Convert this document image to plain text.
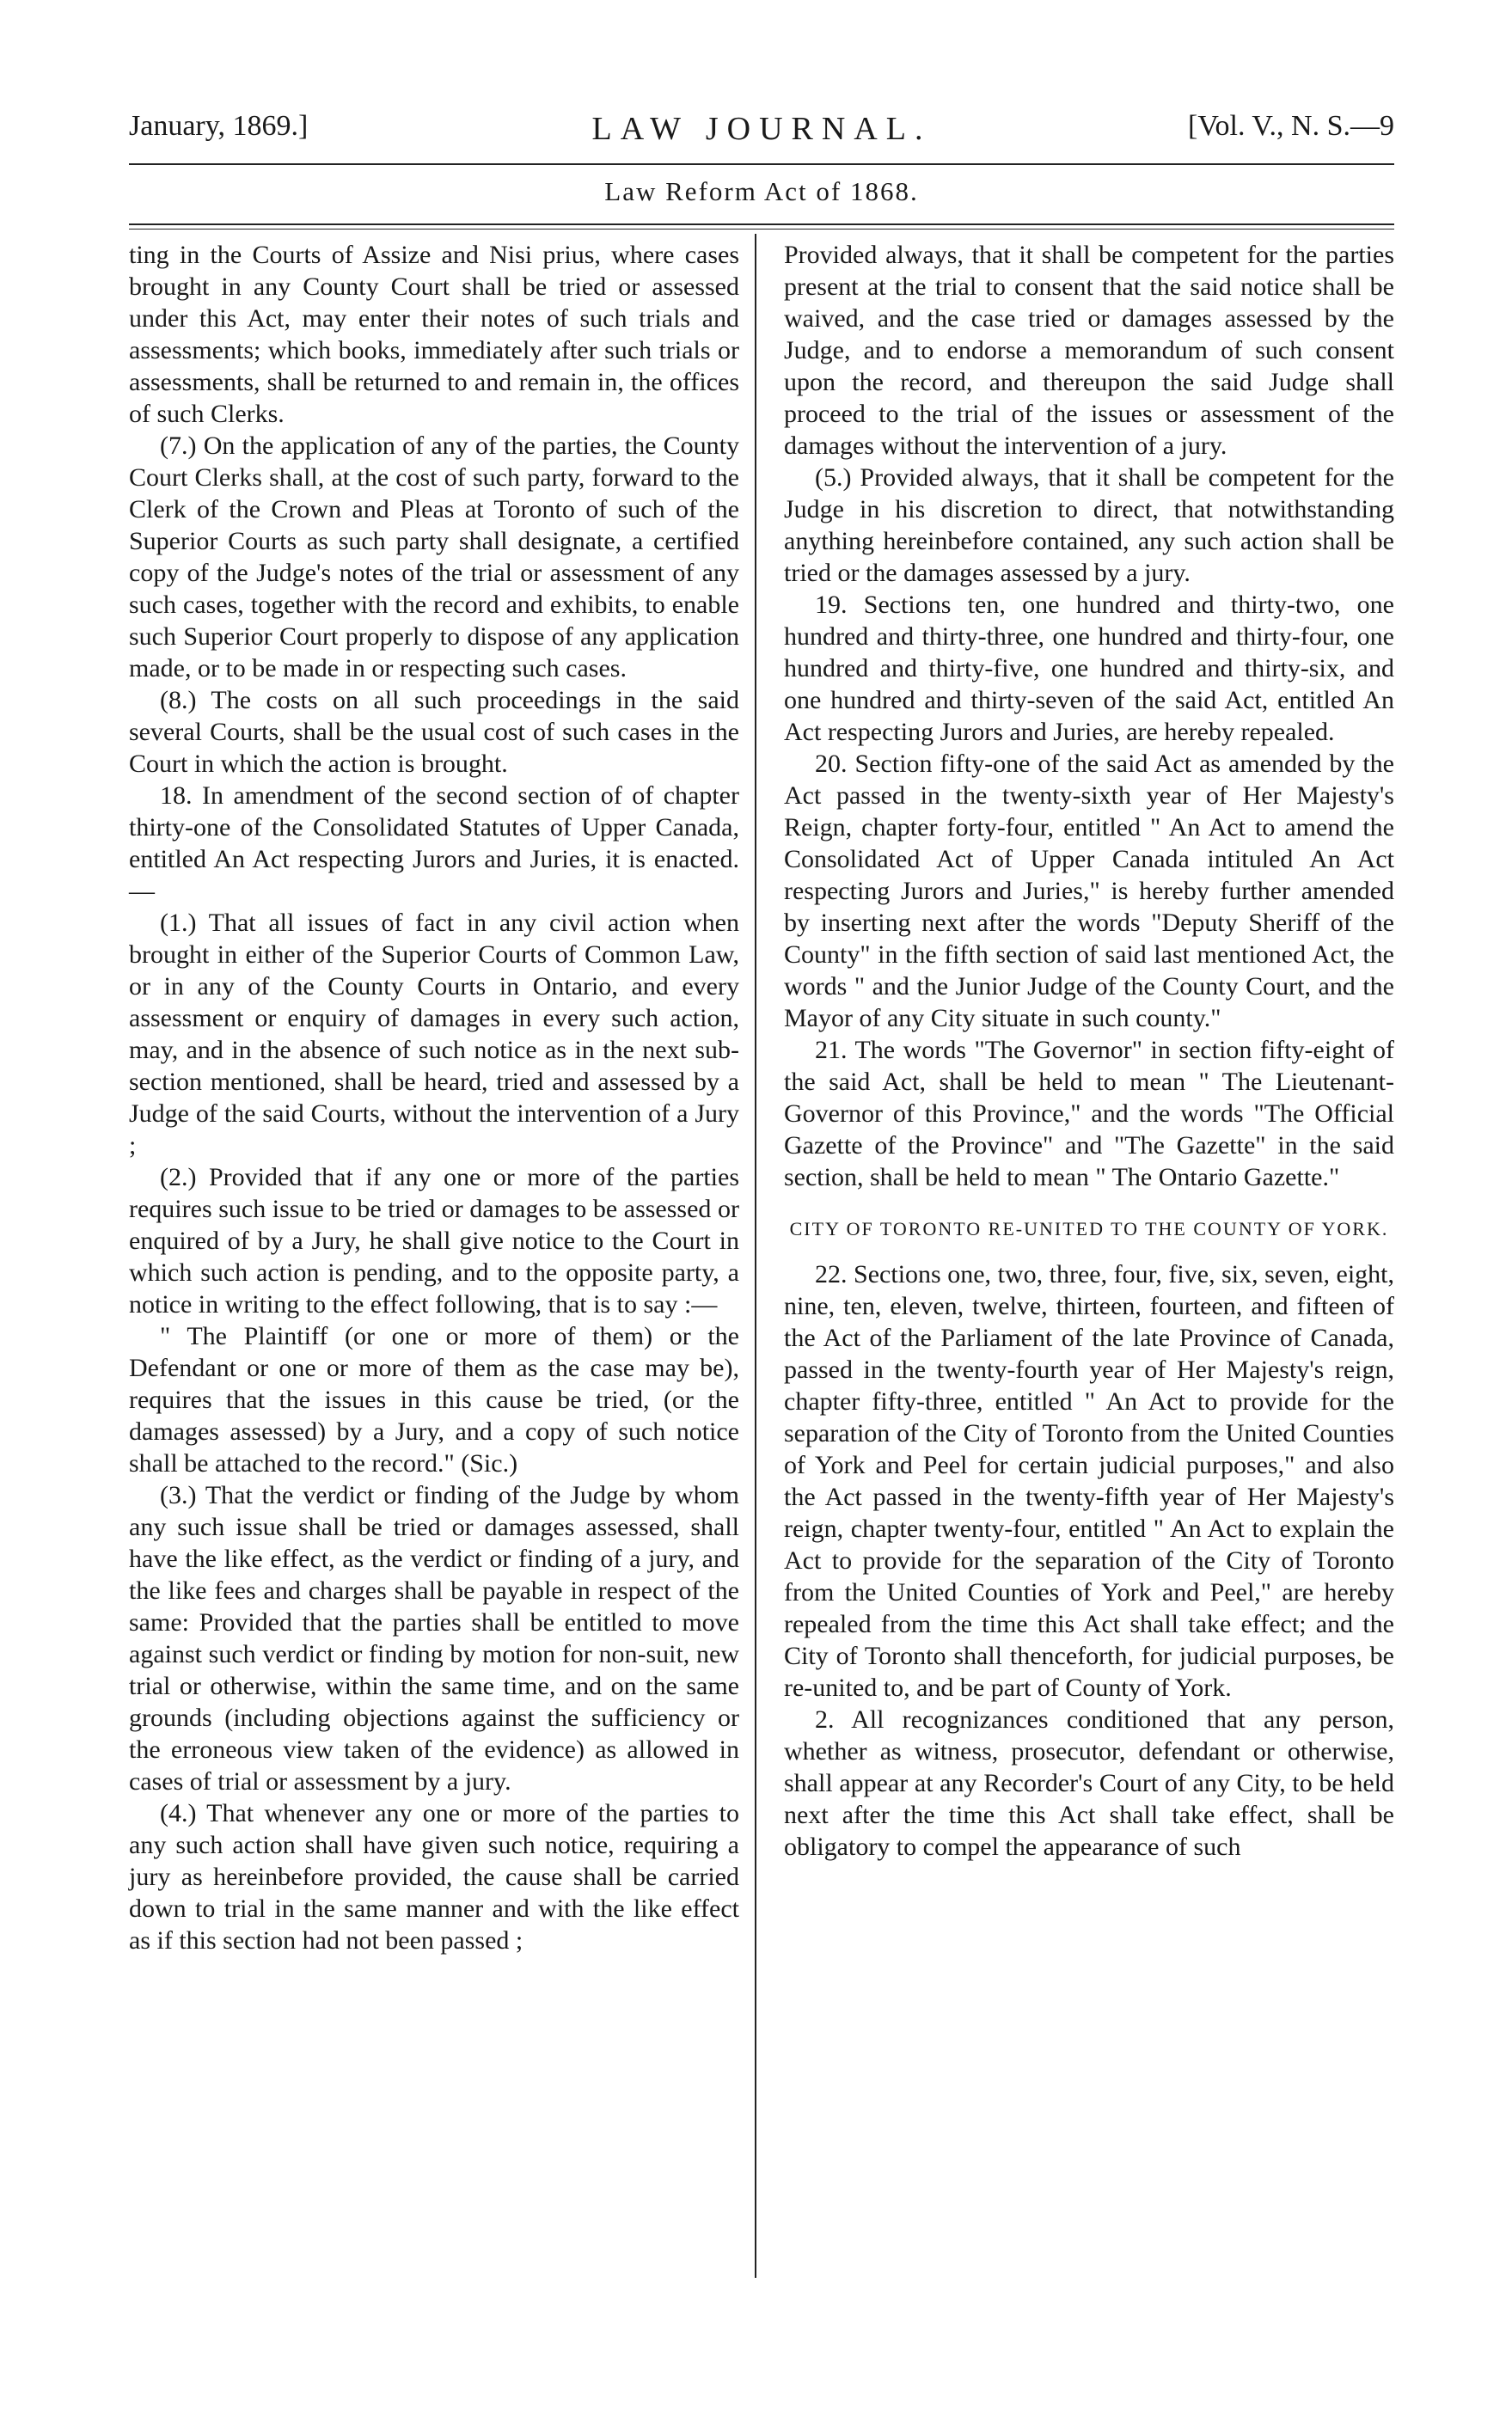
January, 1869.]	LAW JOURNAL.	[Vol. V., N. S.—9
Law Reform Act of 1868.

ting in the Courts of Assize and Nisi prius, where cases brought in any County Court shall be tried or assessed under this Act, may enter their notes of such trials and assessments; which books, immediately after such trials or assessments, shall be returned to and remain in, the offices of such Clerks.

(7.) On the application of any of the parties, the County Court Clerks shall, at the cost of such party, forward to the Clerk of the Crown and Pleas at Toronto of such of the Superior Courts as such party shall designate, a certified copy of the Judge's notes of the trial or assessment of any such cases, together with the record and exhibits, to enable such Superior Court properly to dispose of any application made, or to be made in or respecting such cases.

(8.) The costs on all such proceedings in the said several Courts, shall be the usual cost of such cases in the Court in which the action is brought.

18. In amendment of the second section of of chapter thirty-one of the Consolidated Statutes of Upper Canada, entitled An Act respecting Jurors and Juries, it is enacted.—

(1.) That all issues of fact in any civil action when brought in either of the Superior Courts of Common Law, or in any of the County Courts in Ontario, and every assessment or enquiry of damages in every such action, may, and in the absence of such notice as in the next sub-section mentioned, shall be heard, tried and assessed by a Judge of the said Courts, without the intervention of a Jury ;

(2.) Provided that if any one or more of the parties requires such issue to be tried or damages to be assessed or enquired of by a Jury, he shall give notice to the Court in which such action is pending, and to the opposite party, a notice in writing to the effect following, that is to say :—

" The Plaintiff (or one or more of them) or the Defendant or one or more of them as the case may be), requires that the issues in this cause be tried, (or the damages assessed) by a Jury, and a copy of such notice shall be attached to the record." (Sic.)

(3.) That the verdict or finding of the Judge by whom any such issue shall be tried or damages assessed, shall have the like effect, as the verdict or finding of a jury, and the like fees and charges shall be payable in respect of the same: Provided that the parties shall be entitled to move against such verdict or finding by motion for non-suit, new trial or otherwise, within the same time, and on the same grounds (including objections against the sufficiency or the erroneous view taken of the evidence) as allowed in cases of trial or assessment by a jury.

(4.) That whenever any one or more of the parties to any such action shall have given such notice, requiring a jury as hereinbefore provided, the cause shall be carried down to trial in the same manner and with the like effect as if this section had not been passed ;

Provided always, that it shall be competent for the parties present at the trial to consent that the said notice shall be waived, and the case tried or damages assessed by the Judge, and to endorse a memorandum of such consent upon the record, and thereupon the said Judge shall proceed to the trial of the issues or assessment of the damages without the intervention of a jury.

(5.) Provided always, that it shall be competent for the Judge in his discretion to direct, that notwithstanding anything hereinbefore contained, any such action shall be tried or the damages assessed by a jury.

19. Sections ten, one hundred and thirty-two, one hundred and thirty-three, one hundred and thirty-four, one hundred and thirty-five, one hundred and thirty-six, and one hundred and thirty-seven of the said Act, entitled An Act respecting Jurors and Juries, are hereby repealed.

20. Section fifty-one of the said Act as amended by the Act passed in the twenty-sixth year of Her Majesty's Reign, chapter forty-four, entitled " An Act to amend the Consolidated Act of Upper Canada intituled An Act respecting Jurors and Juries," is hereby further amended by inserting next after the words "Deputy Sheriff of the County" in the fifth section of said last mentioned Act, the words " and the Junior Judge of the County Court, and the Mayor of any City situate in such county."

21. The words "The Governor" in section fifty-eight of the said Act, shall be held to mean " The Lieutenant-Governor of this Province," and the words "The Official Gazette of the Province" and "The Gazette" in the said section, shall be held to mean " The Ontario Gazette."

CITY OF TORONTO RE-UNITED TO THE COUNTY OF YORK.

22. Sections one, two, three, four, five, six, seven, eight, nine, ten, eleven, twelve, thirteen, fourteen, and fifteen of the Act of the Parliament of the late Province of Canada, passed in the twenty-fourth year of Her Majesty's reign, chapter fifty-three, entitled " An Act to provide for the separation of the City of Toronto from the United Counties of York and Peel for certain judicial purposes," and also the Act passed in the twenty-fifth year of Her Majesty's reign, chapter twenty-four, entitled " An Act to explain the Act to provide for the separation of the City of Toronto from the United Counties of York and Peel," are hereby repealed from the time this Act shall take effect; and the City of Toronto shall thenceforth, for judicial purposes, be re-united to, and be part of County of York.

2. All recognizances conditioned that any person, whether as witness, prosecutor, defendant or otherwise, shall appear at any Recorder's Court of any City, to be held next after the time this Act shall take effect, shall be obligatory to compel the appearance of such
